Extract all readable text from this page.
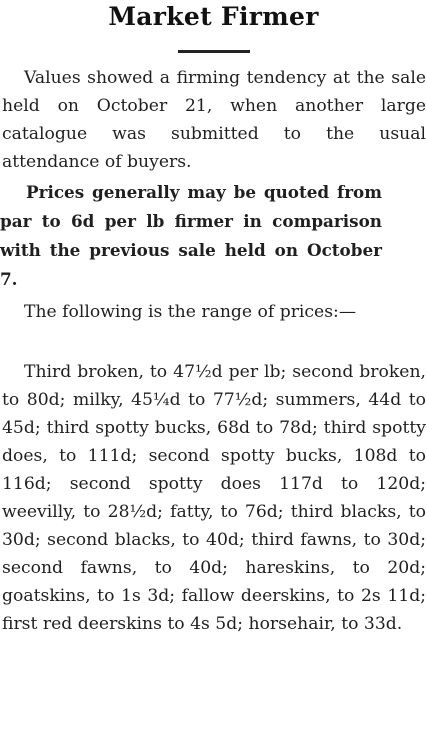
Market Firmer
Values showed a firming tendency at the sale held on October 21, when another large catalogue was submitted to the usual attendance of buyers.
Prices generally may be quoted from par to 6d per lb firmer in comparison with the previous sale held on October 7.
The following is the range of prices:—
Third broken, to 47½d per lb; second broken, to 80d; milky, 45¼d to 77½d; summers, 44d to 45d; third spotty bucks, 68d to 78d; third spotty does, to 111d; second spotty bucks, 108d to 116d; second spotty does 117d to 120d; weevilly, to 28½d; fatty, to 76d; third blacks, to 30d; second blacks, to 40d; third fawns, to 30d; second fawns, to 40d; hareskins, to 20d; goatskins, to 1s 3d; fallow deerskins, to 2s 11d; first red deerskins to 4s 5d; horsehair, to 33d.
